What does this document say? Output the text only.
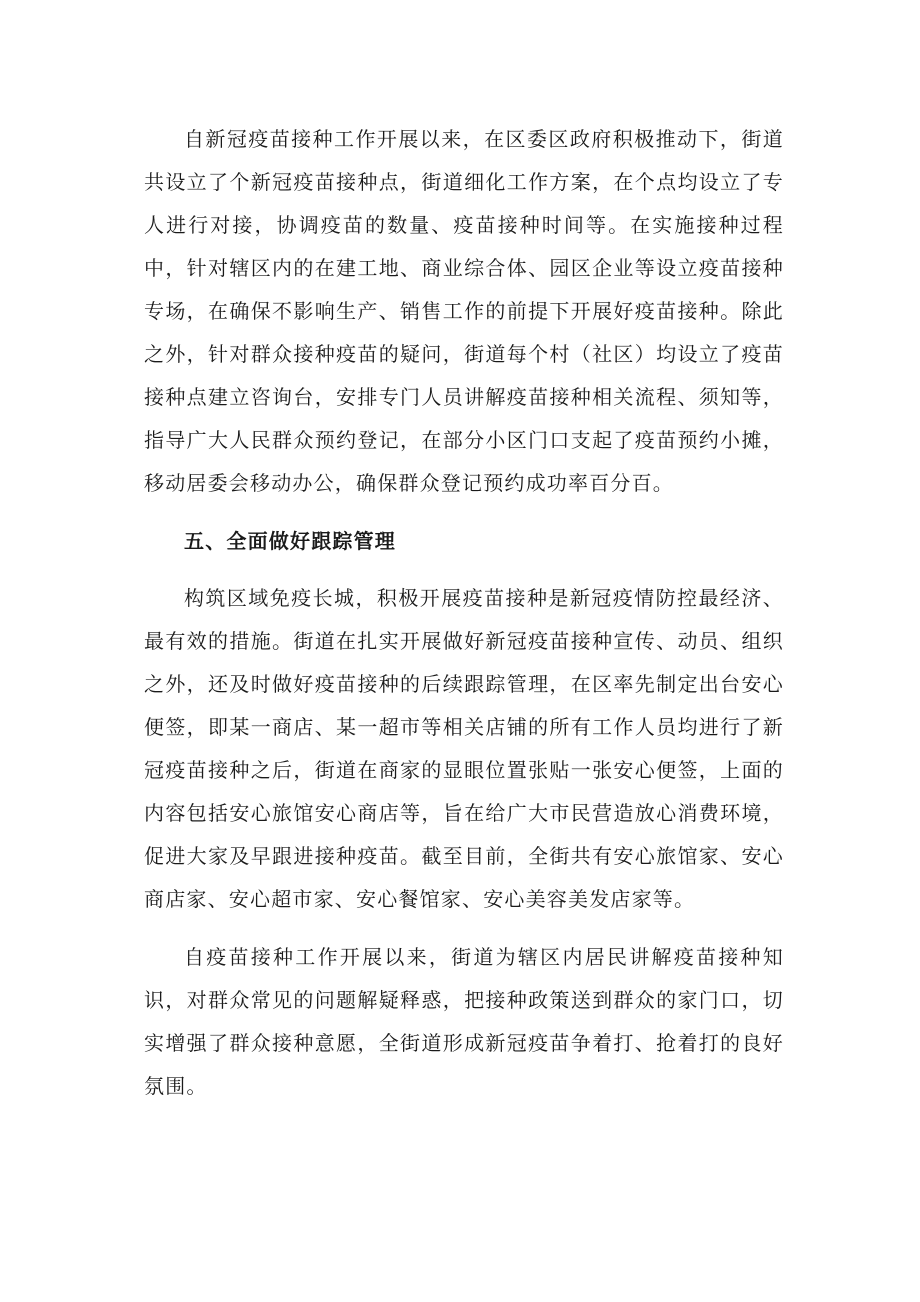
自新冠疫苗接种工作开展以来，在区委区政府积极推动下，街道共设立了个新冠疫苗接种点，街道细化工作方案，在个点均设立了专人进行对接，协调疫苗的数量、疫苗接种时间等。在实施接种过程中，针对辖区内的在建工地、商业综合体、园区企业等设立疫苗接种专场，在确保不影响生产、销售工作的前提下开展好疫苗接种。除此之外，针对群众接种疫苗的疑问，街道每个村（社区）均设立了疫苗接种点建立咨询台，安排专门人员讲解疫苗接种相关流程、须知等，指导广大人民群众预约登记，在部分小区门口支起了疫苗预约小摊，移动居委会移动办公，确保群众登记预约成功率百分百。

五、全面做好跟踪管理

构筑区域免疫长城，积极开展疫苗接种是新冠疫情防控最经济、最有效的措施。街道在扎实开展做好新冠疫苗接种宣传、动员、组织之外，还及时做好疫苗接种的后续跟踪管理，在区率先制定出台安心便签，即某一商店、某一超市等相关店铺的所有工作人员均进行了新冠疫苗接种之后，街道在商家的显眼位置张贴一张安心便签，上面的内容包括安心旅馆安心商店等，旨在给广大市民营造放心消费环境，促进大家及早跟进接种疫苗。截至目前，全街共有安心旅馆家、安心商店家、安心超市家、安心餐馆家、安心美容美发店家等。

自疫苗接种工作开展以来，街道为辖区内居民讲解疫苗接种知识，对群众常见的问题解疑释惑，把接种政策送到群众的家门口，切实增强了群众接种意愿，全街道形成新冠疫苗争着打、抢着打的良好氛围。
